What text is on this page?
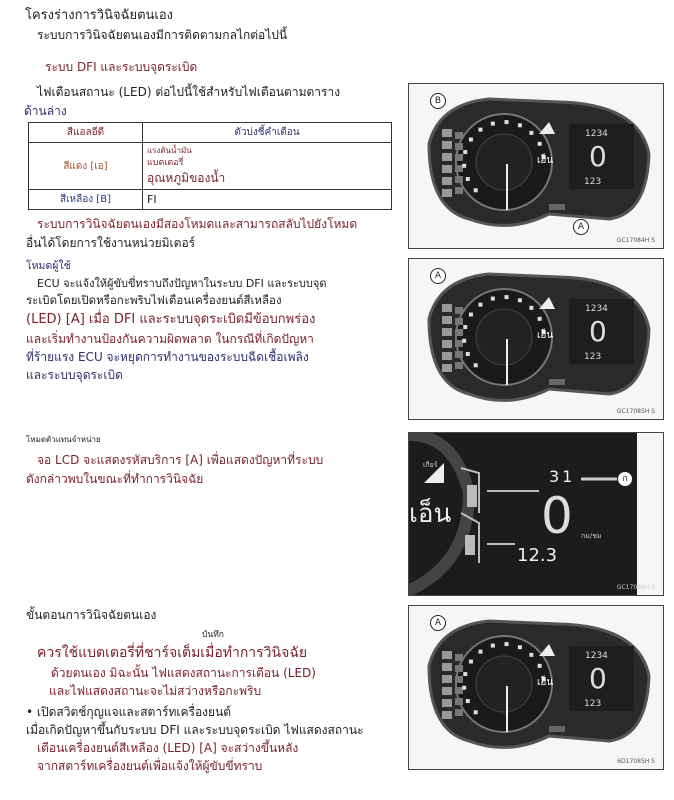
โครงร่างการวินิจฉัยตนเอง
ระบบการวินิจฉัยตนเองมีการติดตามกลไกต่อไปนี้
ระบบ DFI และระบบจุดระเบิด
ไฟเตือนสถานะ (LED) ต่อไปนี้ใช้สำหรับไฟเตือนตามตาราง
ด้านล่าง
สีแอลอีดี	ตัวบ่งชี้คำเตือน
สีแดง [เอ]	แรงดันน้ำมัน
แบตเตอรี่
อุณหภูมิของน้ำ

สีเหลือง [B]	FI
ระบบการวินิจฉัยตนเองมีสองโหมดและสามารถสลับไปยังโหมด
อื่นได้โดยการใช้งานหน่วยมิเตอร์
โหมดผู้ใช้
ECU จะแจ้งให้ผู้ขับขี่ทราบถึงปัญหาในระบบ DFI และระบบจุด
ระเบิดโดยเปิดหรือกะพริบไฟเตือนเครื่องยนต์สีเหลือง
(LED) [A] เมื่อ DFI และระบบจุดระเบิดมีข้อบกพร่อง
และเริ่มทำงานป้องกันความผิดพลาด ในกรณีที่เกิดปัญหา
ที่ร้ายแรง ECU จะหยุดการทำงานของระบบฉีดเชื้อเพลิง
และระบบจุดระเบิด
โหมดตัวแทนจำหน่าย
จอ LCD จะแสดงรหัสบริการ [A] เพื่อแสดงปัญหาที่ระบบ
ดังกล่าวพบในขณะที่ทำการวินิจฉัย
ขั้นตอนการวินิจฉัยตนเอง
บันทึก
ควรใช้แบตเตอรี่ที่ชาร์จเต็มเมื่อทำการวินิจฉัย
ด้วยตนเอง มิฉะนั้น ไฟแสดงสถานะการเตือน (LED)
และไฟแสดงสถานะจะไม่สว่างหรือกะพริบ
• เปิดสวิตช์กุญแจและสตาร์ทเครื่องยนต์
เมื่อเกิดปัญหาขึ้นกับระบบ DFI และระบบจุดระเบิด ไฟแสดงสถานะ
เตือนเครื่องยนต์สีเหลือง (LED) [A] จะสว่างขึ้นหลัง
จากสตาร์ทเครื่องยนต์เพื่อแจ้งให้ผู้ขับขี่ทราบ
เอ็น
1234
0
123
B
A
GC17084H S
เอ็น
1234
0
123
A
GC17085H S
เกียร์
เอ็น
31
0 กม/ชม
12.3
ก
GC17086H S
เอ็น
1234
0
123
A
6D17085H S
